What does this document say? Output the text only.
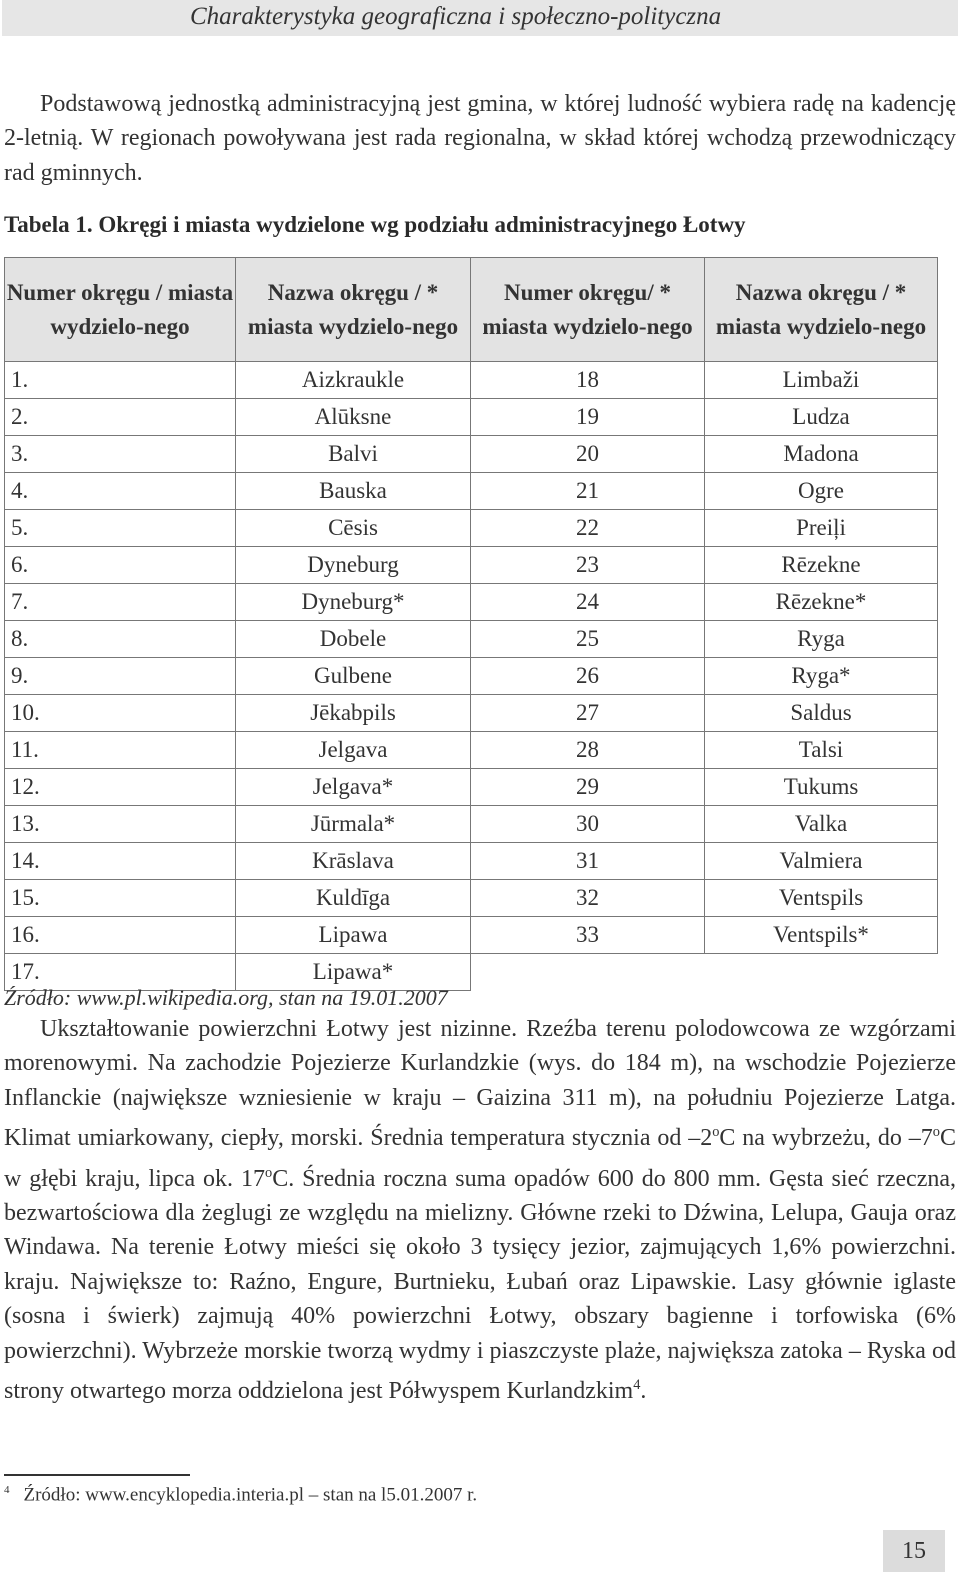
Charakterystyka geograficzna i społeczno-polityczna

Podstawową jednostką administracyjną jest gmina, w której ludność wybiera radę na kadencję 2-letnią. W regionach powoływana jest rada regionalna, w skład której wchodzą przewodniczący rad gminnych.

Tabela 1. Okręgi i miasta wydzielone wg podziału administracyjnego Łotwy
Numer okręgu / miasta wydzielo-nego	Nazwa okręgu / * miasta wydzielo-nego	Numer okręgu/ * miasta wydzielo-nego	Nazwa okręgu / * miasta wydzielo-nego
1.	Aizkraukle	18	Limbaži
2.	Alūksne	19	Ludza
3.	Balvi	20	Madona
4.	Bauska	21	Ogre
5.	Cēsis	22	Preiļi
6.	Dyneburg	23	Rēzekne
7.	Dyneburg*	24	Rēzekne*
8.	Dobele	25	Ryga
9.	Gulbene	26	Ryga*
10.	Jēkabpils	27	Saldus
11.	Jelgava	28	Talsi
12.	Jelgava*	29	Tukums
13.	Jūrmala*	30	Valka
14.	Krāslava	31	Valmiera
15.	Kuldīga	32	Ventspils
16.	Lipawa	33	Ventspils*
17.	Lipawa*		
Źródło: www.pl.wikipedia.org, stan na 19.01.2007

Ukształtowanie powierzchni Łotwy jest nizinne. Rzeźba terenu polodowcowa ze wzgórzami morenowymi. Na zachodzie Pojezierze Kurlandzkie (wys. do 184 m), na wschodzie Pojezierze Inflanckie (największe wzniesienie w kraju – Gaizina 311 m), na południu Pojezierze Latga. Klimat umiarkowany, ciepły, morski. Średnia temperatura stycznia od –2$^o$C na wybrzeżu, do –7$^o$C w głębi kraju, lipca ok. 17$^o$C. Średnia roczna suma opadów 600 do 800 mm. Gęsta sieć rzeczna, bezwartościowa dla żeglugi ze względu na mielizny. Główne rzeki to Dźwina, Lelupa, Gauja oraz Windawa. Na terenie Łotwy mieści się około 3 tysięcy jezior, zajmujących 1,6% powierzchni. kraju. Największe to: Raźno, Engure, Burtnieku, Łubań oraz Lipawskie. Lasy głównie iglaste (sosna i świerk) zajmują 40% powierzchni Łotwy, obszary bagienne i torfowiska (6% powierzchni). Wybrzeże morskie tworzą wydmy i piaszczyste plaże, największa zatoka – Ryska od strony otwartego morza oddzielona jest Półwyspem Kurlandzkim$^4$.

$^4$ Źródło: www.encyklopedia.interia.pl – stan na l5.01.2007 r.
15
